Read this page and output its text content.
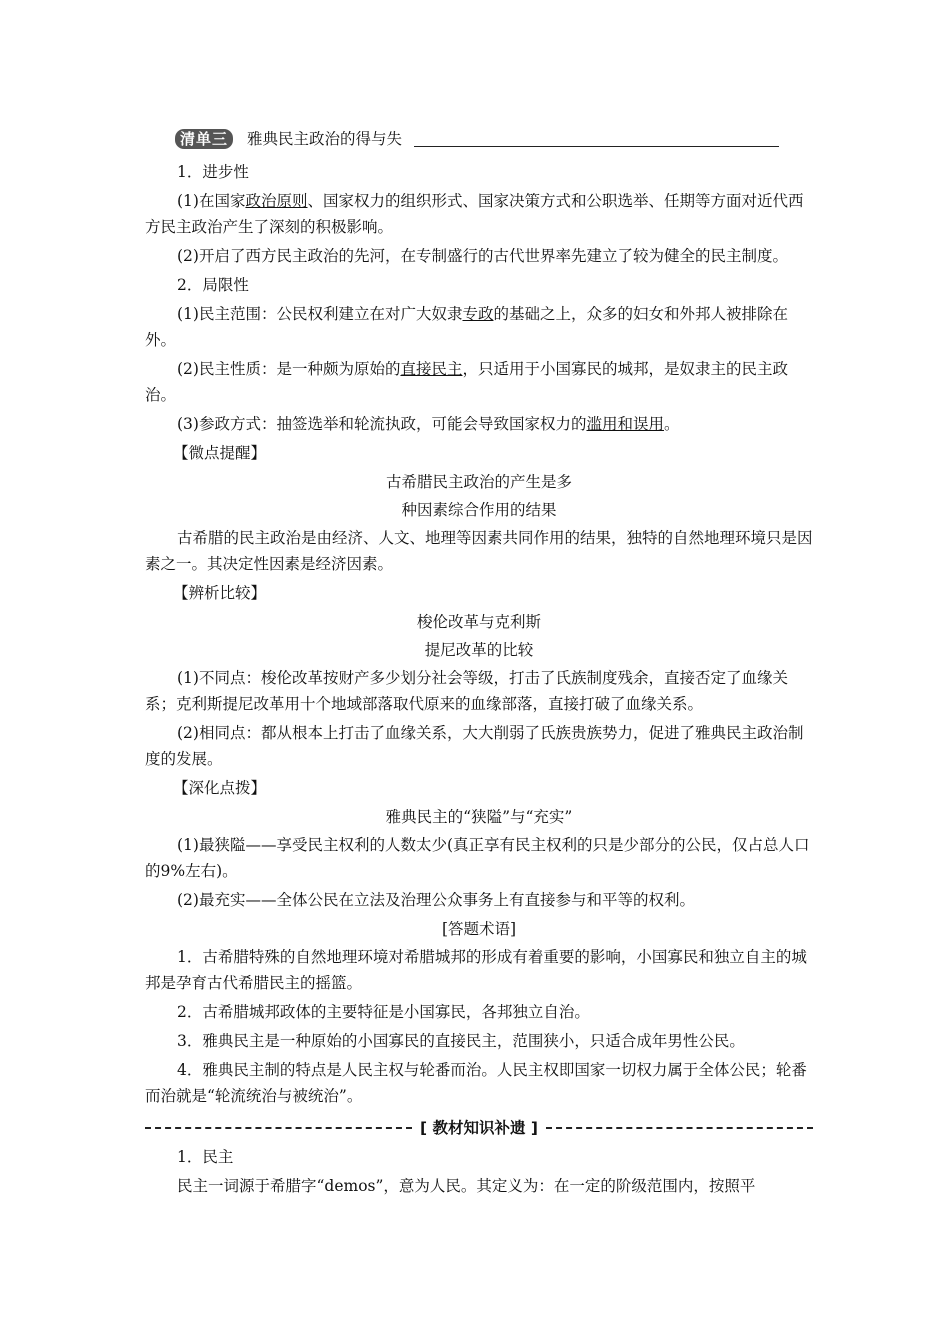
清单三	雅典民主政治的得与失

1．进步性

(1)在国家政治原则、国家权力的组织形式、国家决策方式和公职选举、任期等方面对近代西方民主政治产生了深刻的积极影响。

(2)开启了西方民主政治的先河，在专制盛行的古代世界率先建立了较为健全的民主制度。

2．局限性

(1)民主范围：公民权利建立在对广大奴隶专政的基础之上，众多的妇女和外邦人被排除在外。

(2)民主性质：是一种颇为原始的直接民主，只适用于小国寡民的城邦，是奴隶主的民主政治。

(3)参政方式：抽签选举和轮流执政，可能会导致国家权力的滥用和误用。

【微点提醒】

古希腊民主政治的产生是多

种因素综合作用的结果

古希腊的民主政治是由经济、人文、地理等因素共同作用的结果，独特的自然地理环境只是因素之一。其决定性因素是经济因素。

【辨析比较】

梭伦改革与克利斯

提尼改革的比较

(1)不同点：梭伦改革按财产多少划分社会等级，打击了氏族制度残余，直接否定了血缘关系；克利斯提尼改革用十个地域部落取代原来的血缘部落，直接打破了血缘关系。

(2)相同点：都从根本上打击了血缘关系，大大削弱了氏族贵族势力，促进了雅典民主政治制度的发展。

【深化点拨】

雅典民主的“狭隘”与“充实”

(1)最狭隘——享受民主权利的人数太少(真正享有民主权利的只是少部分的公民，仅占总人口的9%左右)。

(2)最充实——全体公民在立法及治理公众事务上有直接参与和平等的权利。

[答题术语]

1．古希腊特殊的自然地理环境对希腊城邦的形成有着重要的影响，小国寡民和独立自主的城邦是孕育古代希腊民主的摇篮。

2．古希腊城邦政体的主要特征是小国寡民，各邦独立自治。

3．雅典民主是一种原始的小国寡民的直接民主，范围狭小，只适合成年男性公民。

4．雅典民主制的特点是人民主权与轮番而治。人民主权即国家一切权力属于全体公民；轮番而治就是“轮流统治与被统治”。

[ 教材知识补遗 ]

1．民主

民主一词源于希腊字“demos”，意为人民。其定义为：在一定的阶级范围内，按照平
